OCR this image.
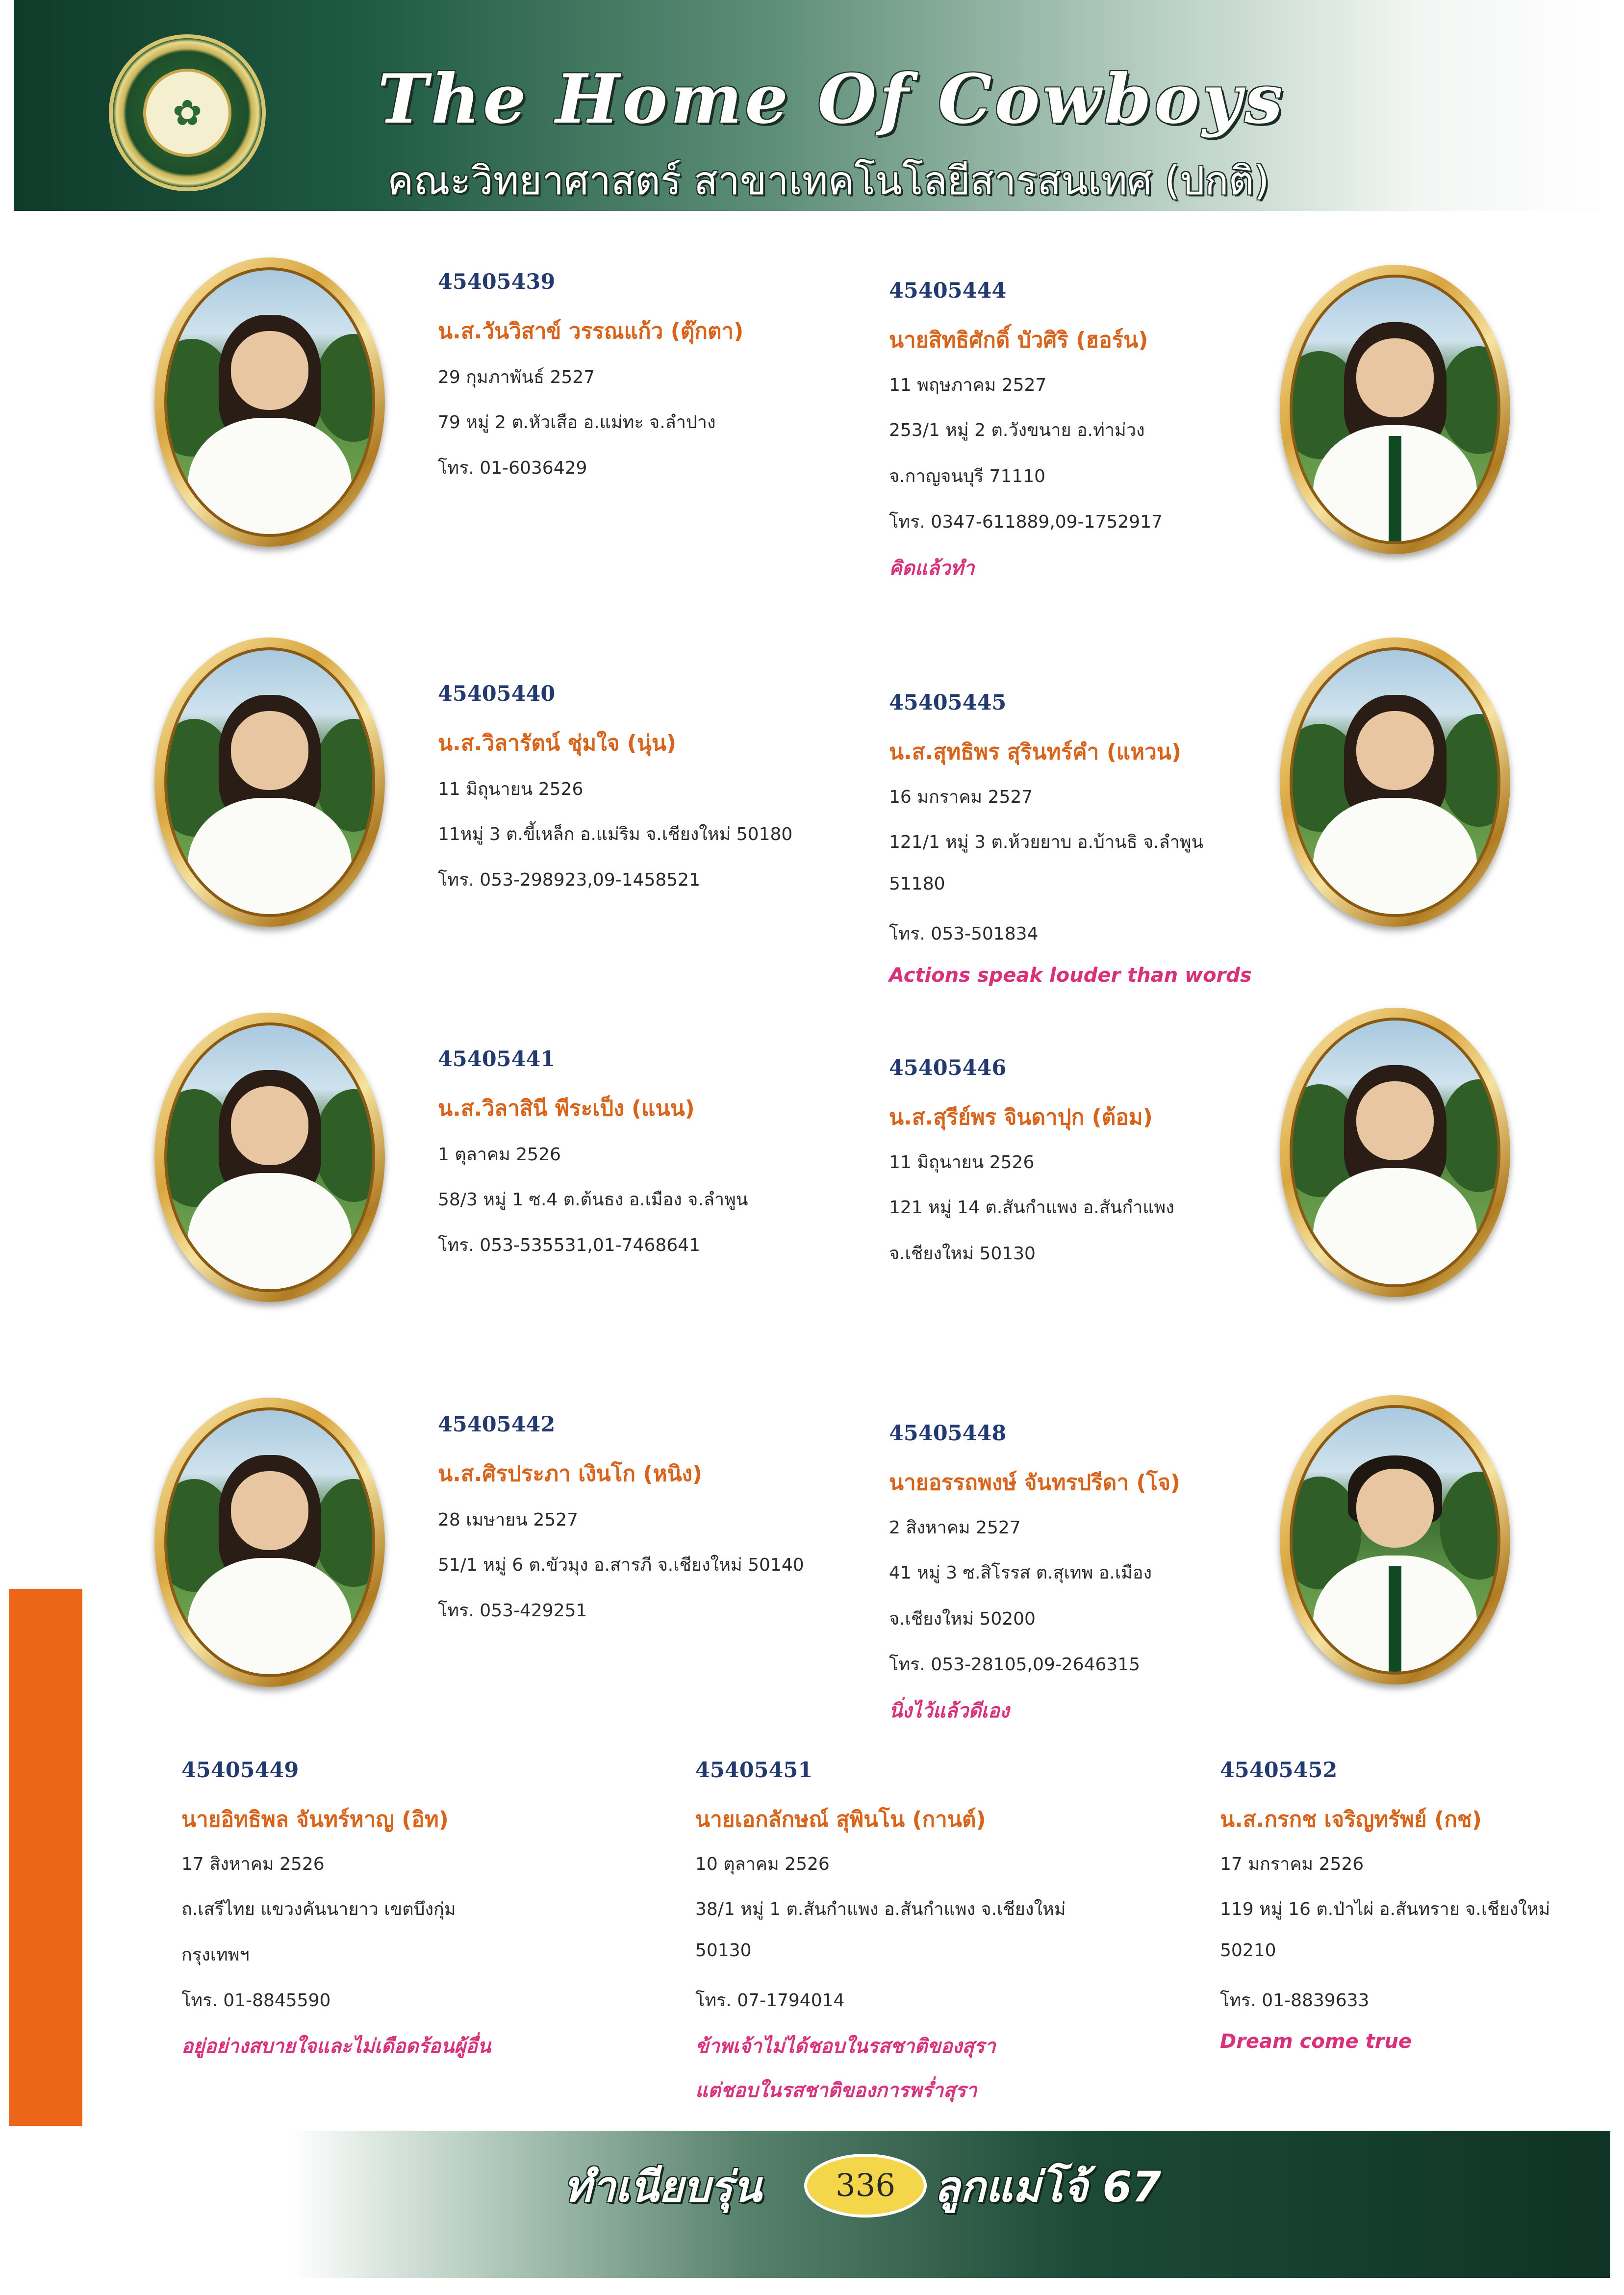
✿	The Home Of Cowboys
คณะวิทยาศาสตร์ สาขาเทคโนโลยีสารสนเทศ (ปกติ)
45405439
น.ส.วันวิสาข์ วรรณแก้ว (ตุ๊กตา)
29 กุมภาพันธ์ 2527
79 หมู่ 2 ต.หัวเสือ อ.แม่ทะ จ.ลำปาง
โทร. 01-6036429
45405444
นายสิทธิศักดิ์ บัวศิริ (ฮอร์น)
11 พฤษภาคม 2527
253/1 หมู่ 2 ต.วังขนาย อ.ท่าม่วง
จ.กาญจนบุรี 71110
โทร. 0347-611889,09-1752917
คิดแล้วทำ
45405440
น.ส.วิลารัตน์ ชุ่มใจ (นุ่น)
11 มิถุนายน 2526
11หมู่ 3 ต.ขี้เหล็ก อ.แม่ริม จ.เชียงใหม่ 50180
โทร. 053-298923,09-1458521
45405445
น.ส.สุทธิพร สุรินทร์คำ (แหวน)
16 มกราคม 2527
121/1 หมู่ 3 ต.ห้วยยาบ อ.บ้านธิ จ.ลำพูน
51180
โทร. 053-501834
Actions speak louder than words
45405441
น.ส.วิลาสินี พีระเป็ง (แนน)
1 ตุลาคม 2526
58/3 หมู่ 1 ซ.4 ต.ต้นธง อ.เมือง จ.ลำพูน
โทร. 053-535531,01-7468641
45405446
น.ส.สุรีย์พร จินดาปุก (ต้อม)
11 มิถุนายน 2526
121 หมู่ 14 ต.สันกำแพง อ.สันกำแพง
จ.เชียงใหม่ 50130
45405442
น.ส.ศิรประภา เงินโก (หนิง)
28 เมษายน 2527
51/1 หมู่ 6 ต.ขัวมุง อ.สารภี จ.เชียงใหม่ 50140
โทร. 053-429251
45405448
นายอรรถพงษ์ จันทรปรีดา (โจ)
2 สิงหาคม 2527
41 หมู่ 3 ซ.สิโรรส ต.สุเทพ อ.เมือง
จ.เชียงใหม่ 50200
โทร. 053-28105,09-2646315
นิ่งไว้แล้วดีเอง
45405449
นายอิทธิพล จันทร์หาญ (อิท)
17 สิงหาคม 2526
ถ.เสรีไทย แขวงคันนายาว เขตบึงกุ่ม
กรุงเทพฯ
โทร. 01-8845590
อยู่อย่างสบายใจและไม่เดือดร้อนผู้อื่น
45405451
นายเอกลักษณ์ สุพินโน (กานต์)
10 ตุลาคม 2526
38/1 หมู่ 1 ต.สันกำแพง อ.สันกำแพง จ.เชียงใหม่
50130
โทร. 07-1794014
ข้าพเจ้าไม่ได้ชอบในรสชาติของสุรา
แต่ชอบในรสชาติของการพร่ำสุรา
45405452
น.ส.กรกช เจริญทรัพย์ (กช)
17 มกราคม 2526
119 หมู่ 16 ต.ป่าไผ่ อ.สันทราย จ.เชียงใหม่
50210
โทร. 01-8839633
Dream come true
ทำเนียบรุ่น	336 ลูกแม่โจ้ 67
